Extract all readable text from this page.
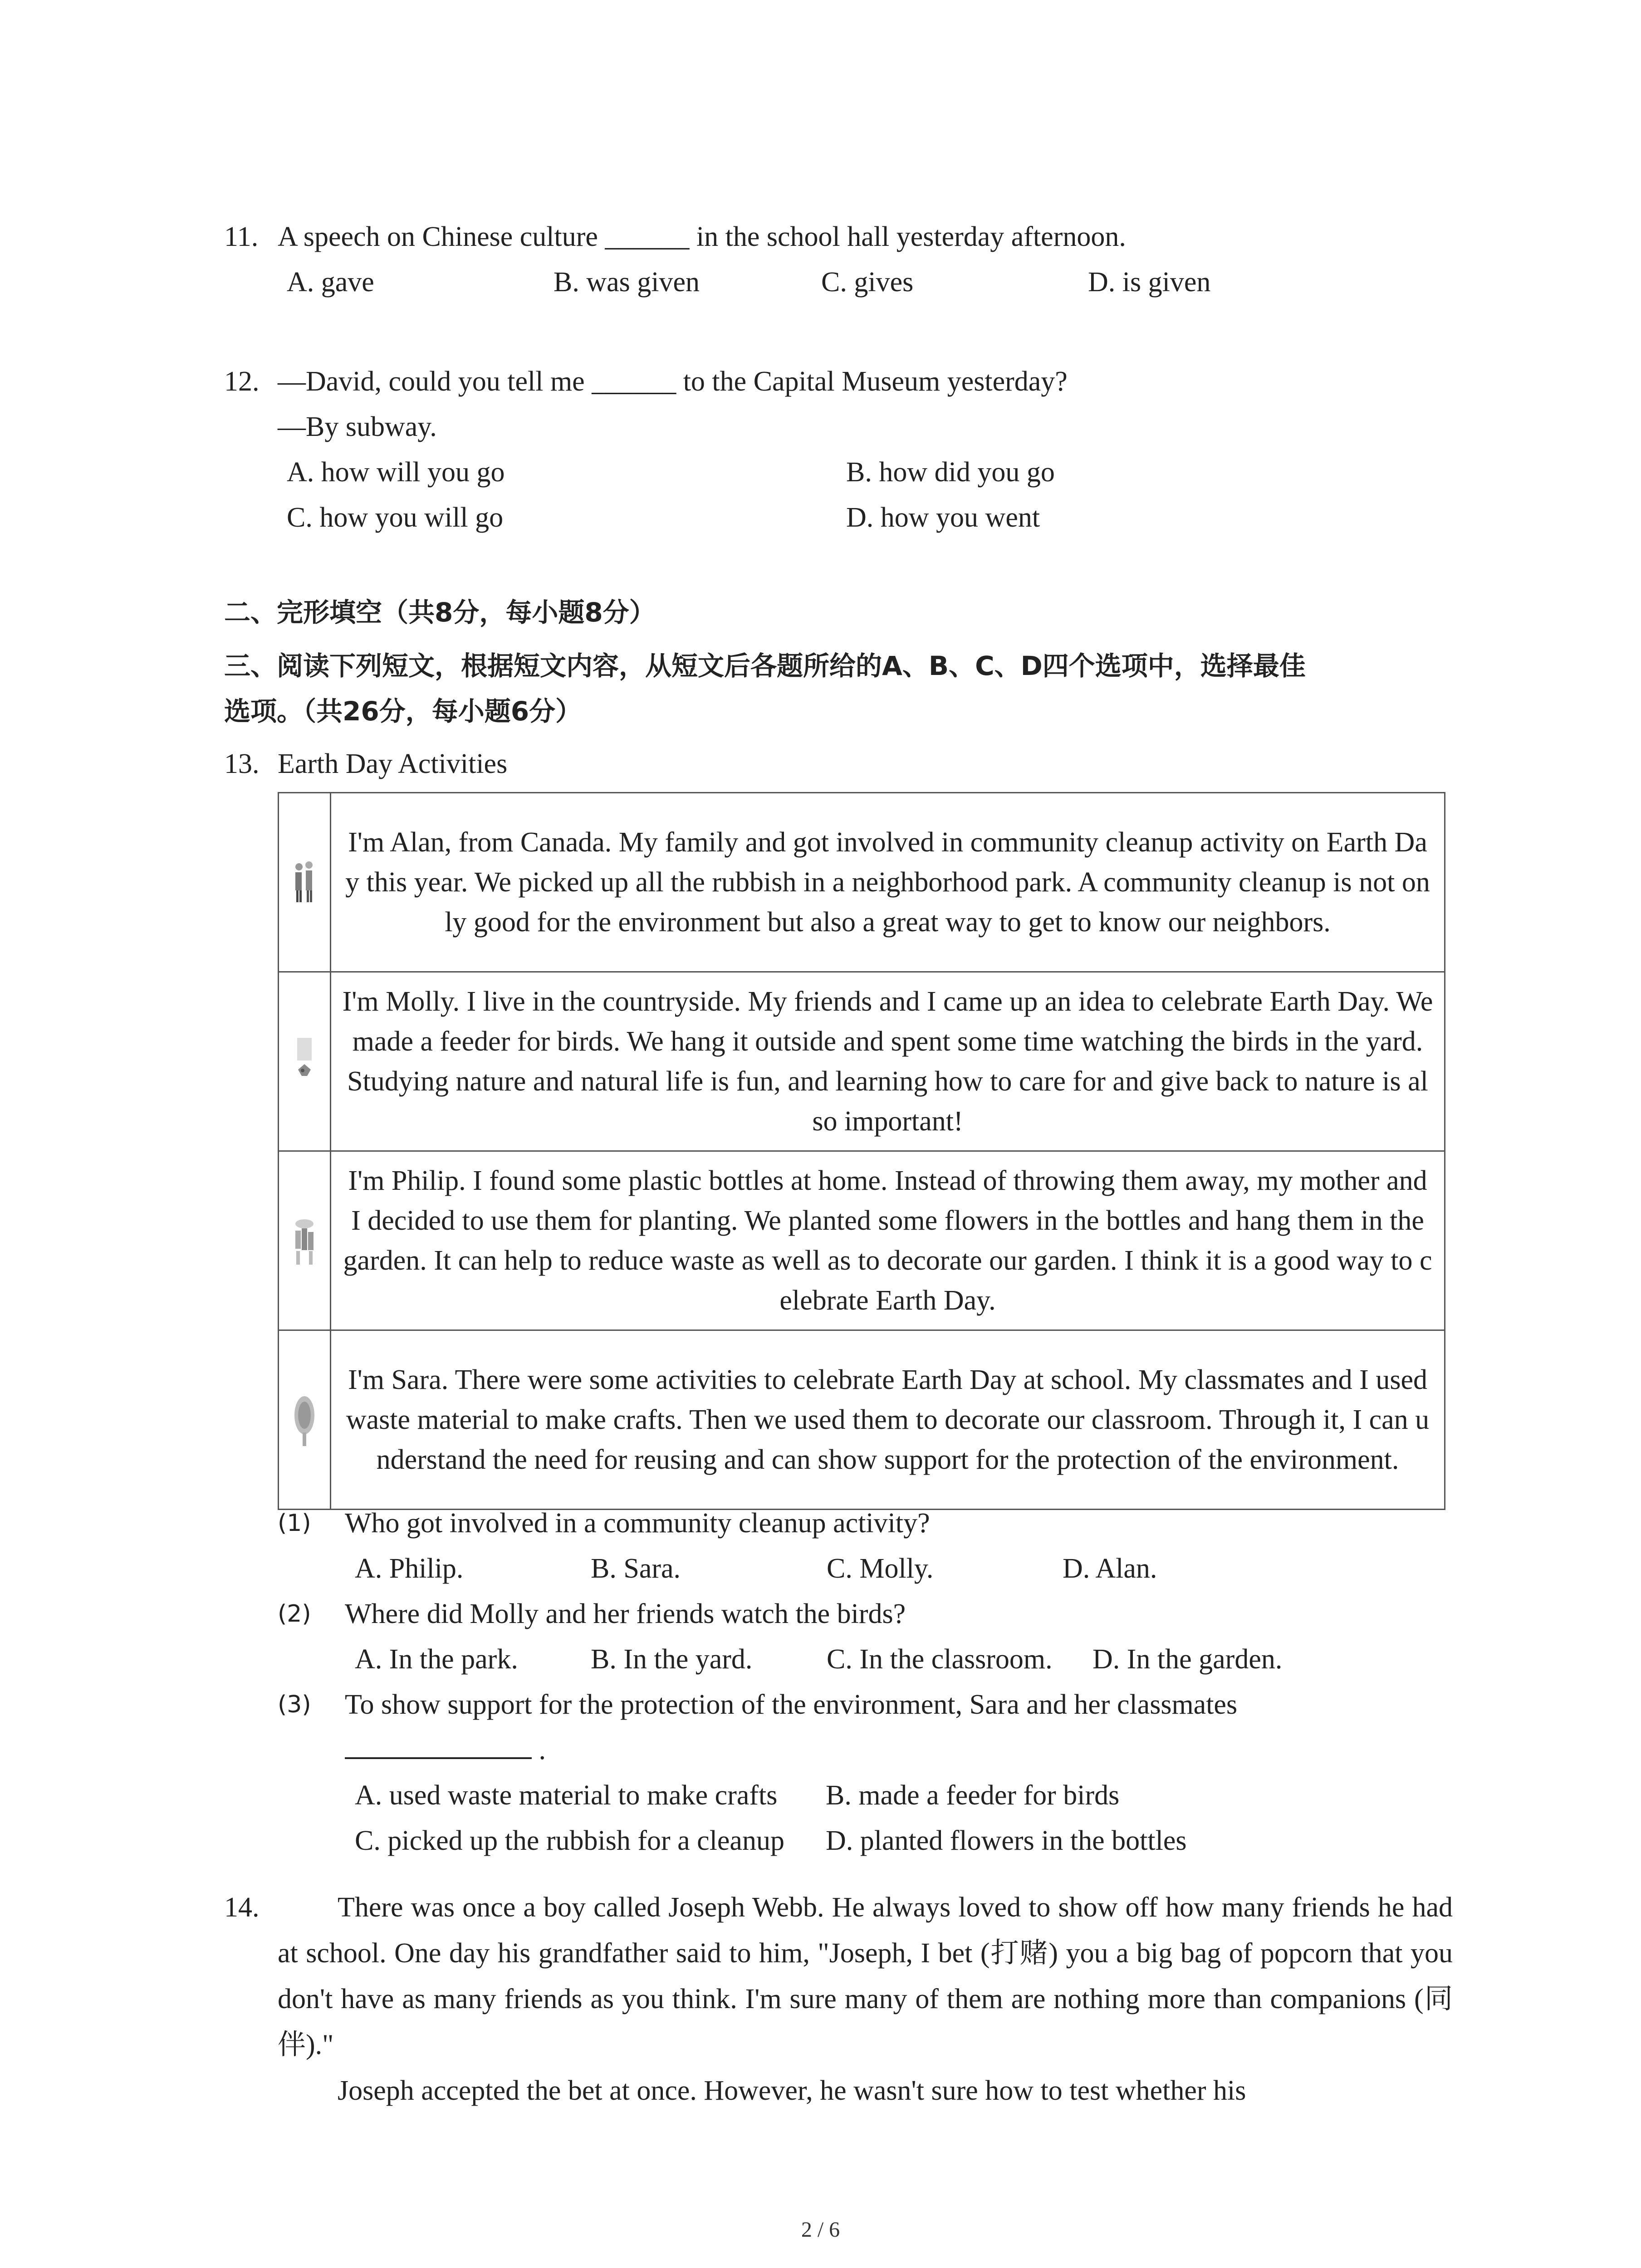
11. A speech on Chinese culture ______ in the school hall yesterday afternoon.
A. gave	B. was given	C. gives	D. is given
12. —David, could you tell me ______ to the Capital Museum yesterday?
—By subway.
A. how will you go	B. how did you go
C. how you will go	D. how you went
二、完形填空（共8分，每小题8分）
三、阅读下列短文，根据短文内容，从短文后各题所给的A、B、C、D四个选项中，选择最佳
选项。（共26分，每小题6分）
13. Earth Day Activities
	I'm Alan, from Canada. My family and got involved in community cleanup activity on Earth Day this year. We picked up all the rubbish in a neighborhood park. A community cleanup is not only good for the environment but also a great way to get to know our neighbors.
	I'm Molly. I live in the countryside. My friends and I came up an idea to celebrate Earth Day. We made a feeder for birds. We hang it outside and spent some time watching the birds in the yard. Studying nature and natural life is fun, and learning how to care for and give back to nature is also important!
	I'm Philip. I found some plastic bottles at home. Instead of throwing them away, my mother and I decided to use them for planting. We planted some flowers in the bottles and hang them in the garden. It can help to reduce waste as well as to decorate our garden. I think it is a good way to celebrate Earth Day.
	I'm Sara. There were some activities to celebrate Earth Day at school. My classmates and I used waste material to make crafts. Then we used them to decorate our classroom. Through it, I can understand the need for reusing and can show support for the protection of the environment.
(1) Who got involved in a community cleanup activity?
A. Philip.	B. Sara.	C. Molly.	D. Alan.
(2) Where did Molly and her friends watch the birds?
A. In the park.	B. In the yard.	C. In the classroom. D. In the garden.
(3) To show support for the protection of the environment, Sara and her classmates
.
A. used waste material to make crafts B. made a feeder for birds
C. picked up the rubbish for a cleanup D. planted flowers in the bottles
14.	There was once a boy called Joseph Webb. He always loved to show off how many friends he had at school. One day his grandfather said to him, "Joseph, I bet (打赌) you a big bag of popcorn that you don't have as many friends as you think. I'm sure many of them are nothing more than companions (同伴)."
Joseph accepted the bet at once. However, he wasn't sure how to test whether his
2 / 6
